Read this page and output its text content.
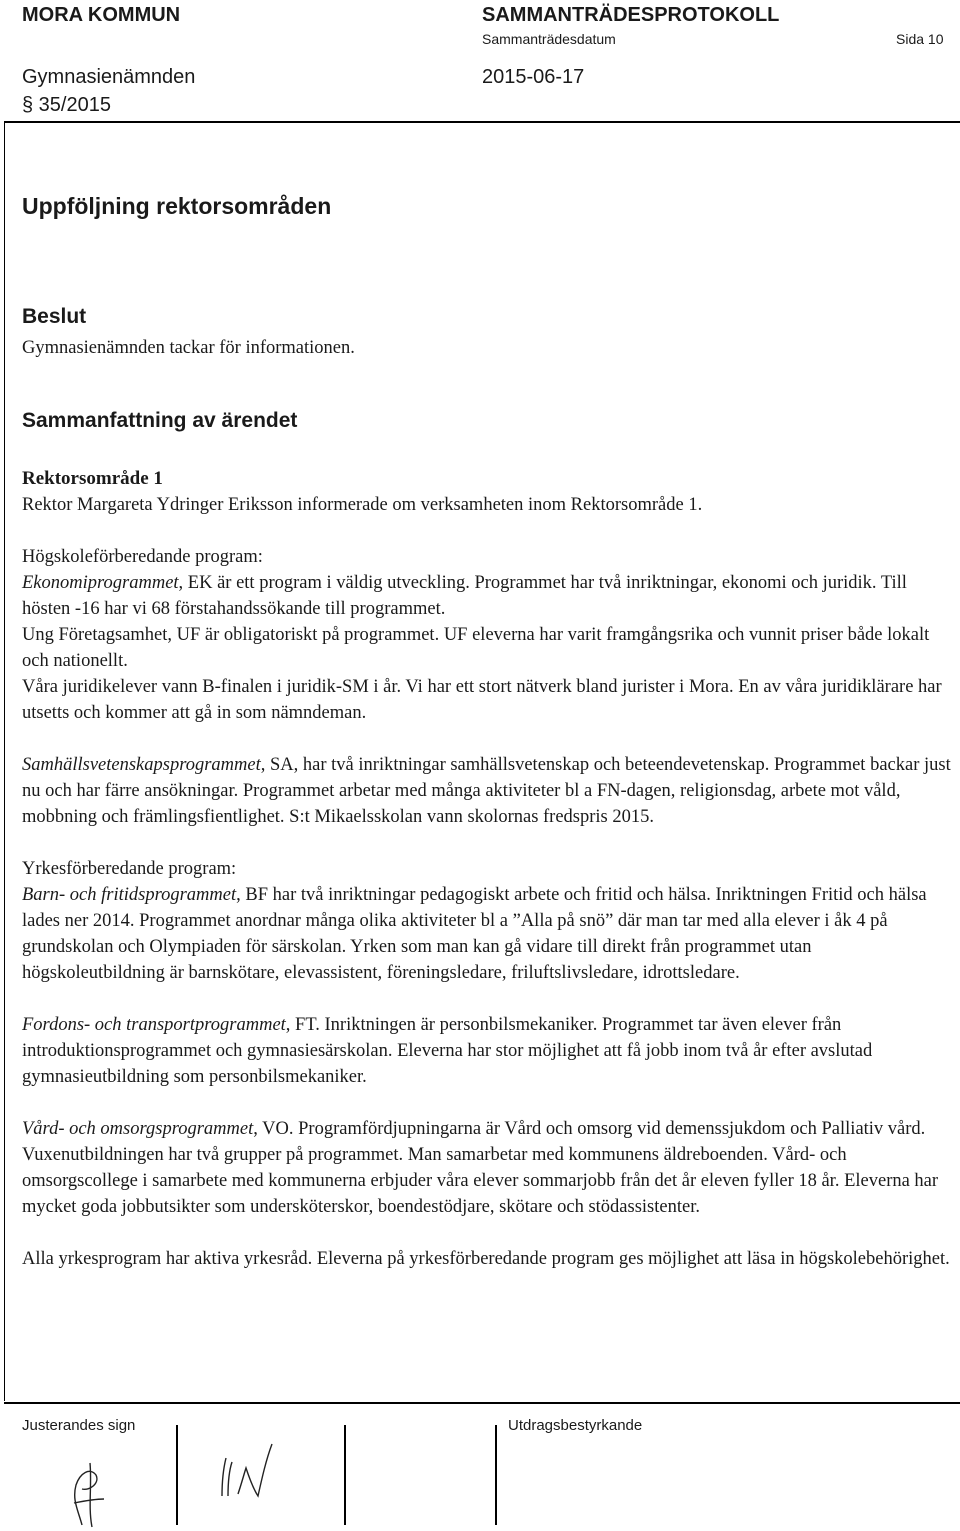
MORA KOMMUN	SAMMANTRÄDESPROTOKOLL
Sammanträdesdatum	Sida 10
Gymnasienämnden	2015-06-17
§ 35/2015
Uppföljning rektorsområden
Beslut
Gymnasienämnden tackar för informationen.
Sammanfattning av ärendet

Rektorsområde 1
Rektor Margareta Ydringer Eriksson informerade om verksamheten inom Rektorsområde 1.

Högskoleförberedande program:
Ekonomiprogrammet, EK är ett program i väldig utveckling. Programmet har två inriktningar, ekonomi och juridik. Till hösten -16 har vi 68 förstahandssökande till programmet.
Ung Företagsamhet, UF är obligatoriskt på programmet. UF eleverna har varit framgångsrika och vunnit priser både lokalt och nationellt.
Våra juridikelever vann B-finalen i juridik-SM i år. Vi har ett stort nätverk bland jurister i Mora. En av våra juridiklärare har utsetts och kommer att gå in som nämndeman.

Samhällsvetenskapsprogrammet, SA, har två inriktningar samhällsvetenskap och beteendevetenskap. Programmet backar just nu och har färre ansökningar. Programmet arbetar med många aktiviteter bl a FN-dagen, religionsdag, arbete mot våld, mobbning och främlingsfientlighet. S:t Mikaelsskolan vann skolornas fredspris 2015.

Yrkesförberedande program:
Barn- och fritidsprogrammet, BF har två inriktningar pedagogiskt arbete och fritid och hälsa. Inriktningen Fritid och hälsa lades ner 2014. Programmet anordnar många olika aktiviteter bl a ”Alla på snö” där man tar med alla elever i åk 4 på grundskolan och Olympiaden för särskolan. Yrken som man kan gå vidare till direkt från programmet utan högskoleutbildning är barnskötare, elevassistent, föreningsledare, friluftslivsledare, idrottsledare.

Fordons- och transportprogrammet, FT. Inriktningen är personbilsmekaniker. Programmet tar även elever från introduktionsprogrammet och gymnasiesärskolan. Eleverna har stor möjlighet att få jobb inom två år efter avslutad gymnasieutbildning som personbilsmekaniker.

Vård- och omsorgsprogrammet, VO. Programfördjupningarna är Vård och omsorg vid demenssjukdom och Palliativ vård. Vuxenutbildningen har två grupper på programmet. Man samarbetar med kommunens äldreboenden. Vård- och omsorgscollege i samarbete med kommunerna erbjuder våra elever sommarjobb från det år eleven fyller 18 år. Eleverna har mycket goda jobbutsikter som undersköterskor, boendestödjare, skötare och stödassistenter.

Alla yrkesprogram har aktiva yrkesråd. Eleverna på yrkesförberedande program ges möjlighet att läsa in högskolebehörighet.

Justerandes sign	Utdragsbestyrkande
